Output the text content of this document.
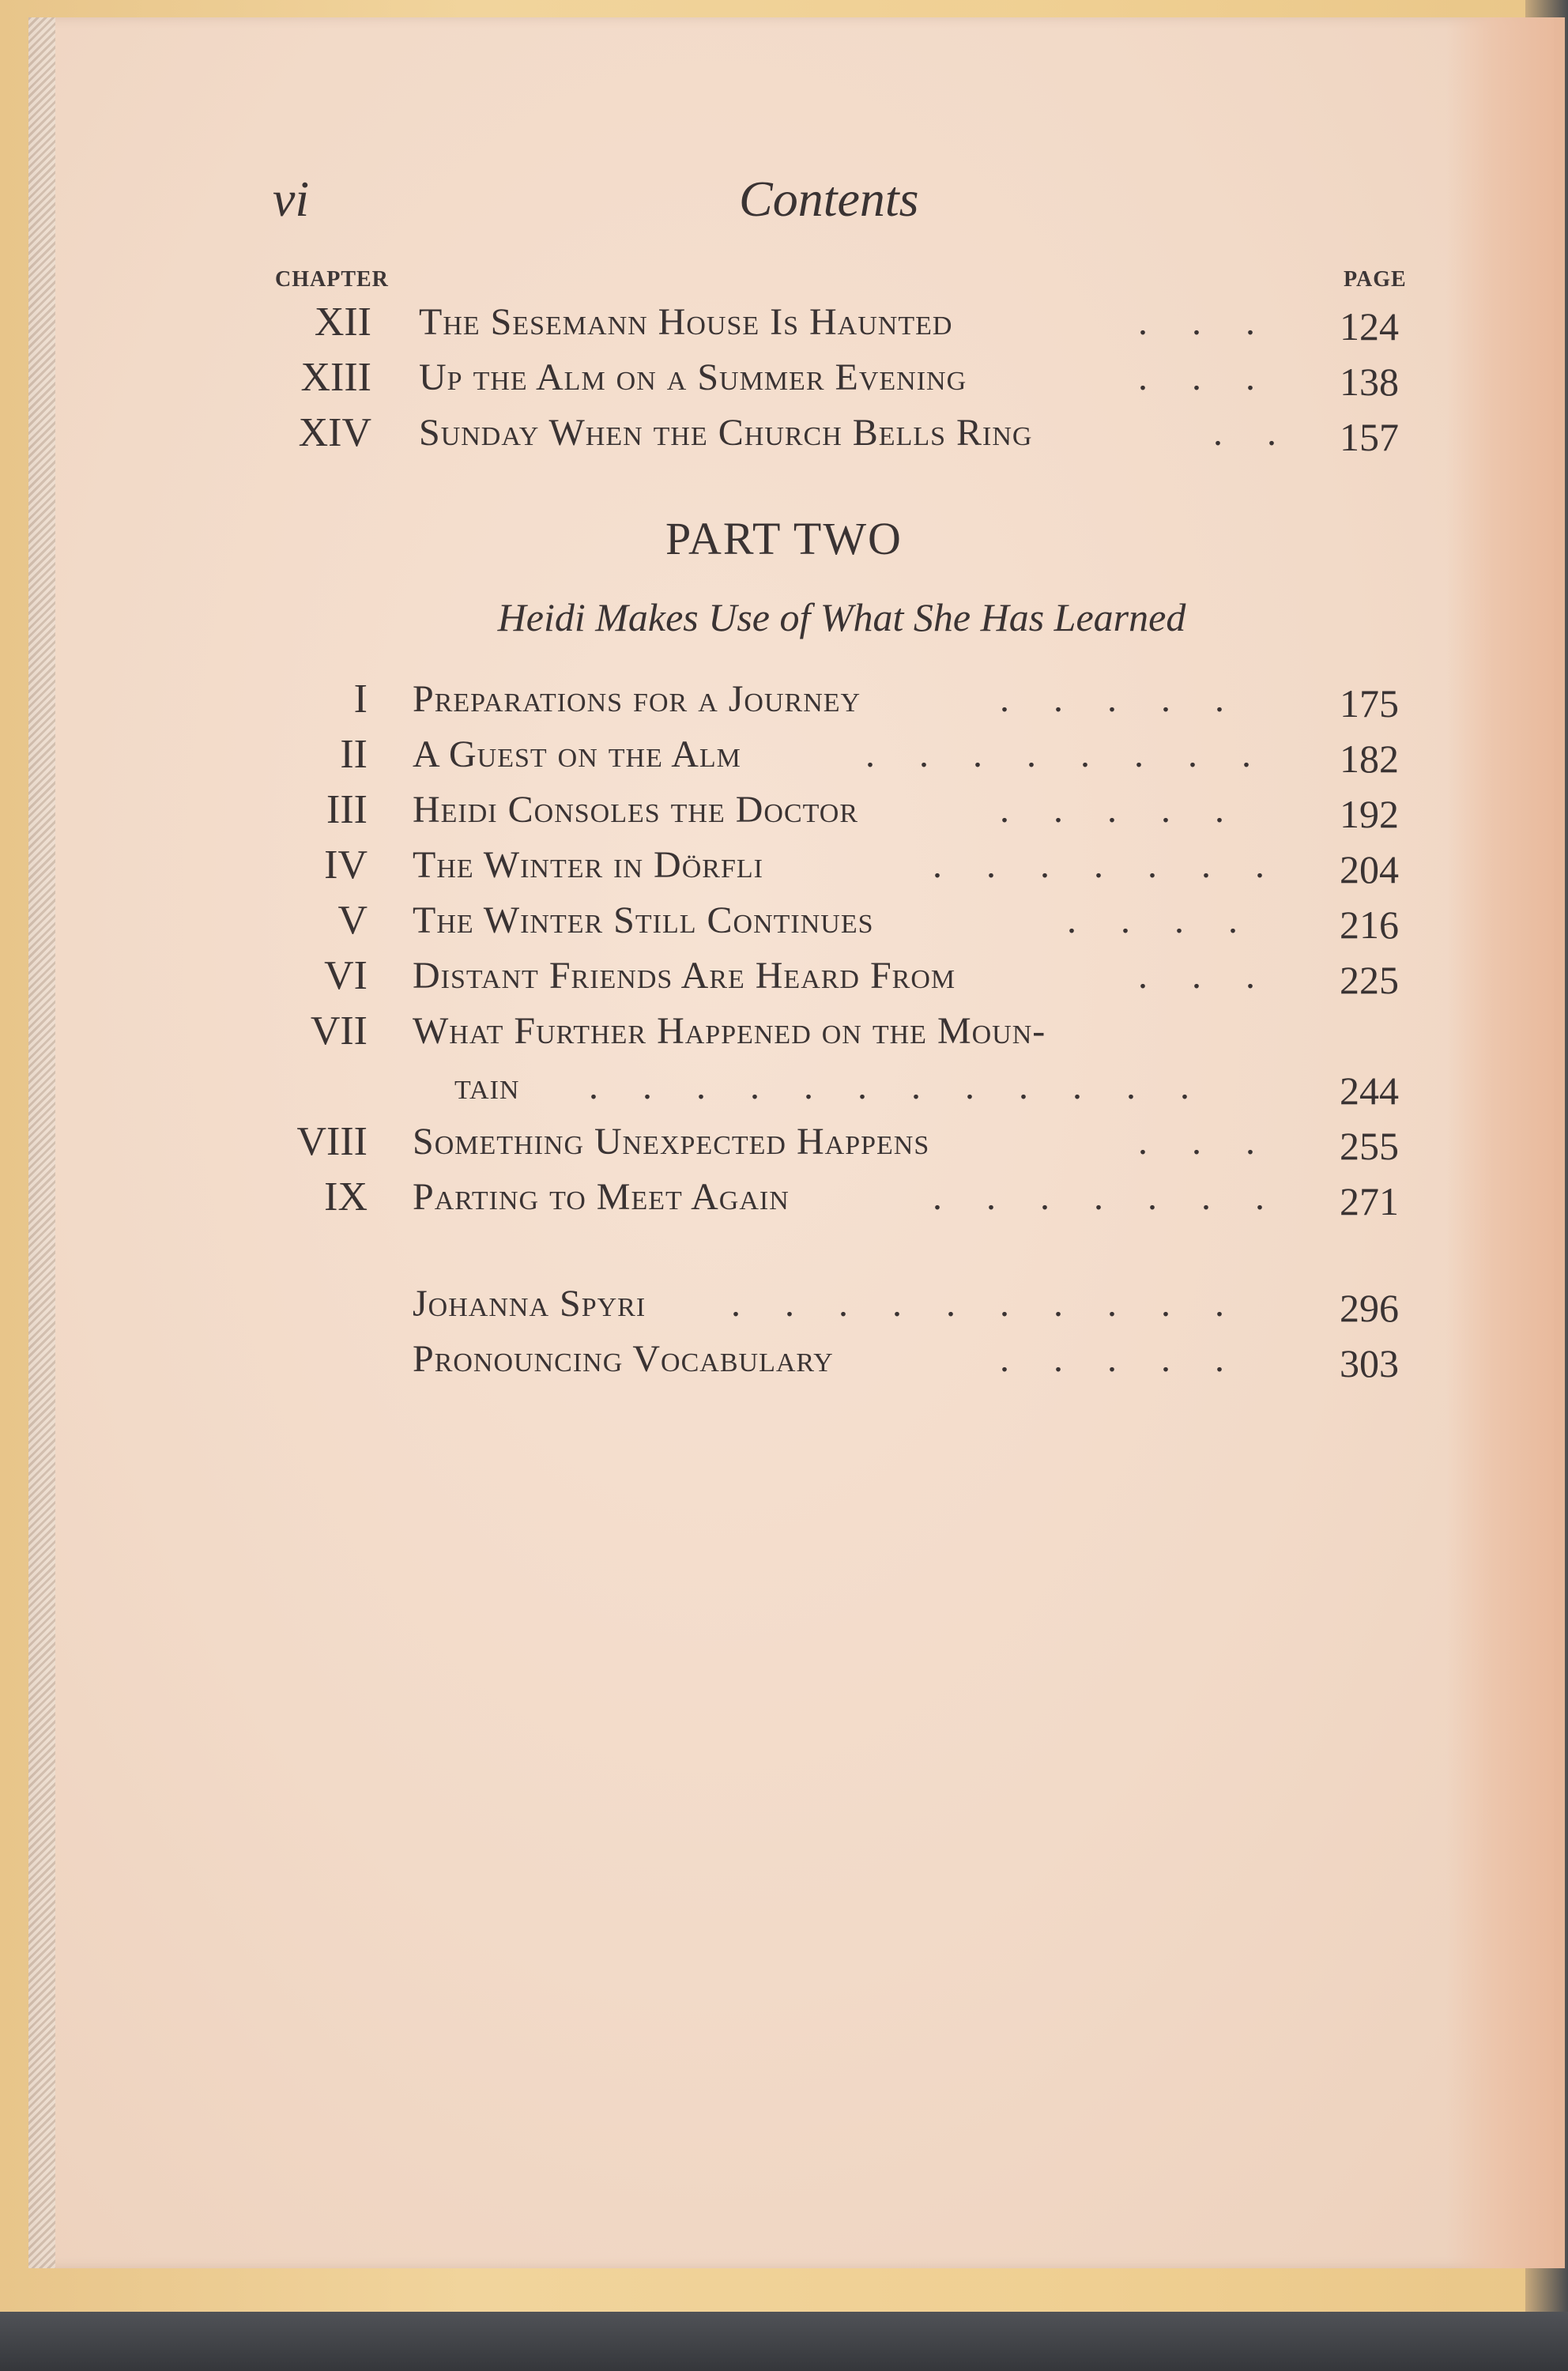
vi	Contents
CHAPTER	PAGE
XII The Sesemann House Is Haunted	. . . 124
XIII Up the Alm on a Summer Evening	. . . 138
XIV Sunday When the Church Bells Ring	. . 157
PART TWO
Heidi Makes Use of What She Has Learned
I Preparations for a Journey	. . . . . 175
II A Guest on the Alm	. . . . . . . . 182
III Heidi Consoles the Doctor	. . . . . 192
IV The Winter in Dörfli	. . . . . . . 204
V The Winter Still Continues	. . . . 216
VI Distant Friends Are Heard From	. . . 225
VII What Further Happened on the Moun-
tain . . . . . . . . . . . .	244
VIII Something Unexpected Happens	. . . 255
IX Parting to Meet Again	. . . . . . . 271
Johanna Spyri . . . . . . . . . . 296
Pronouncing Vocabulary	. . . . . 303
